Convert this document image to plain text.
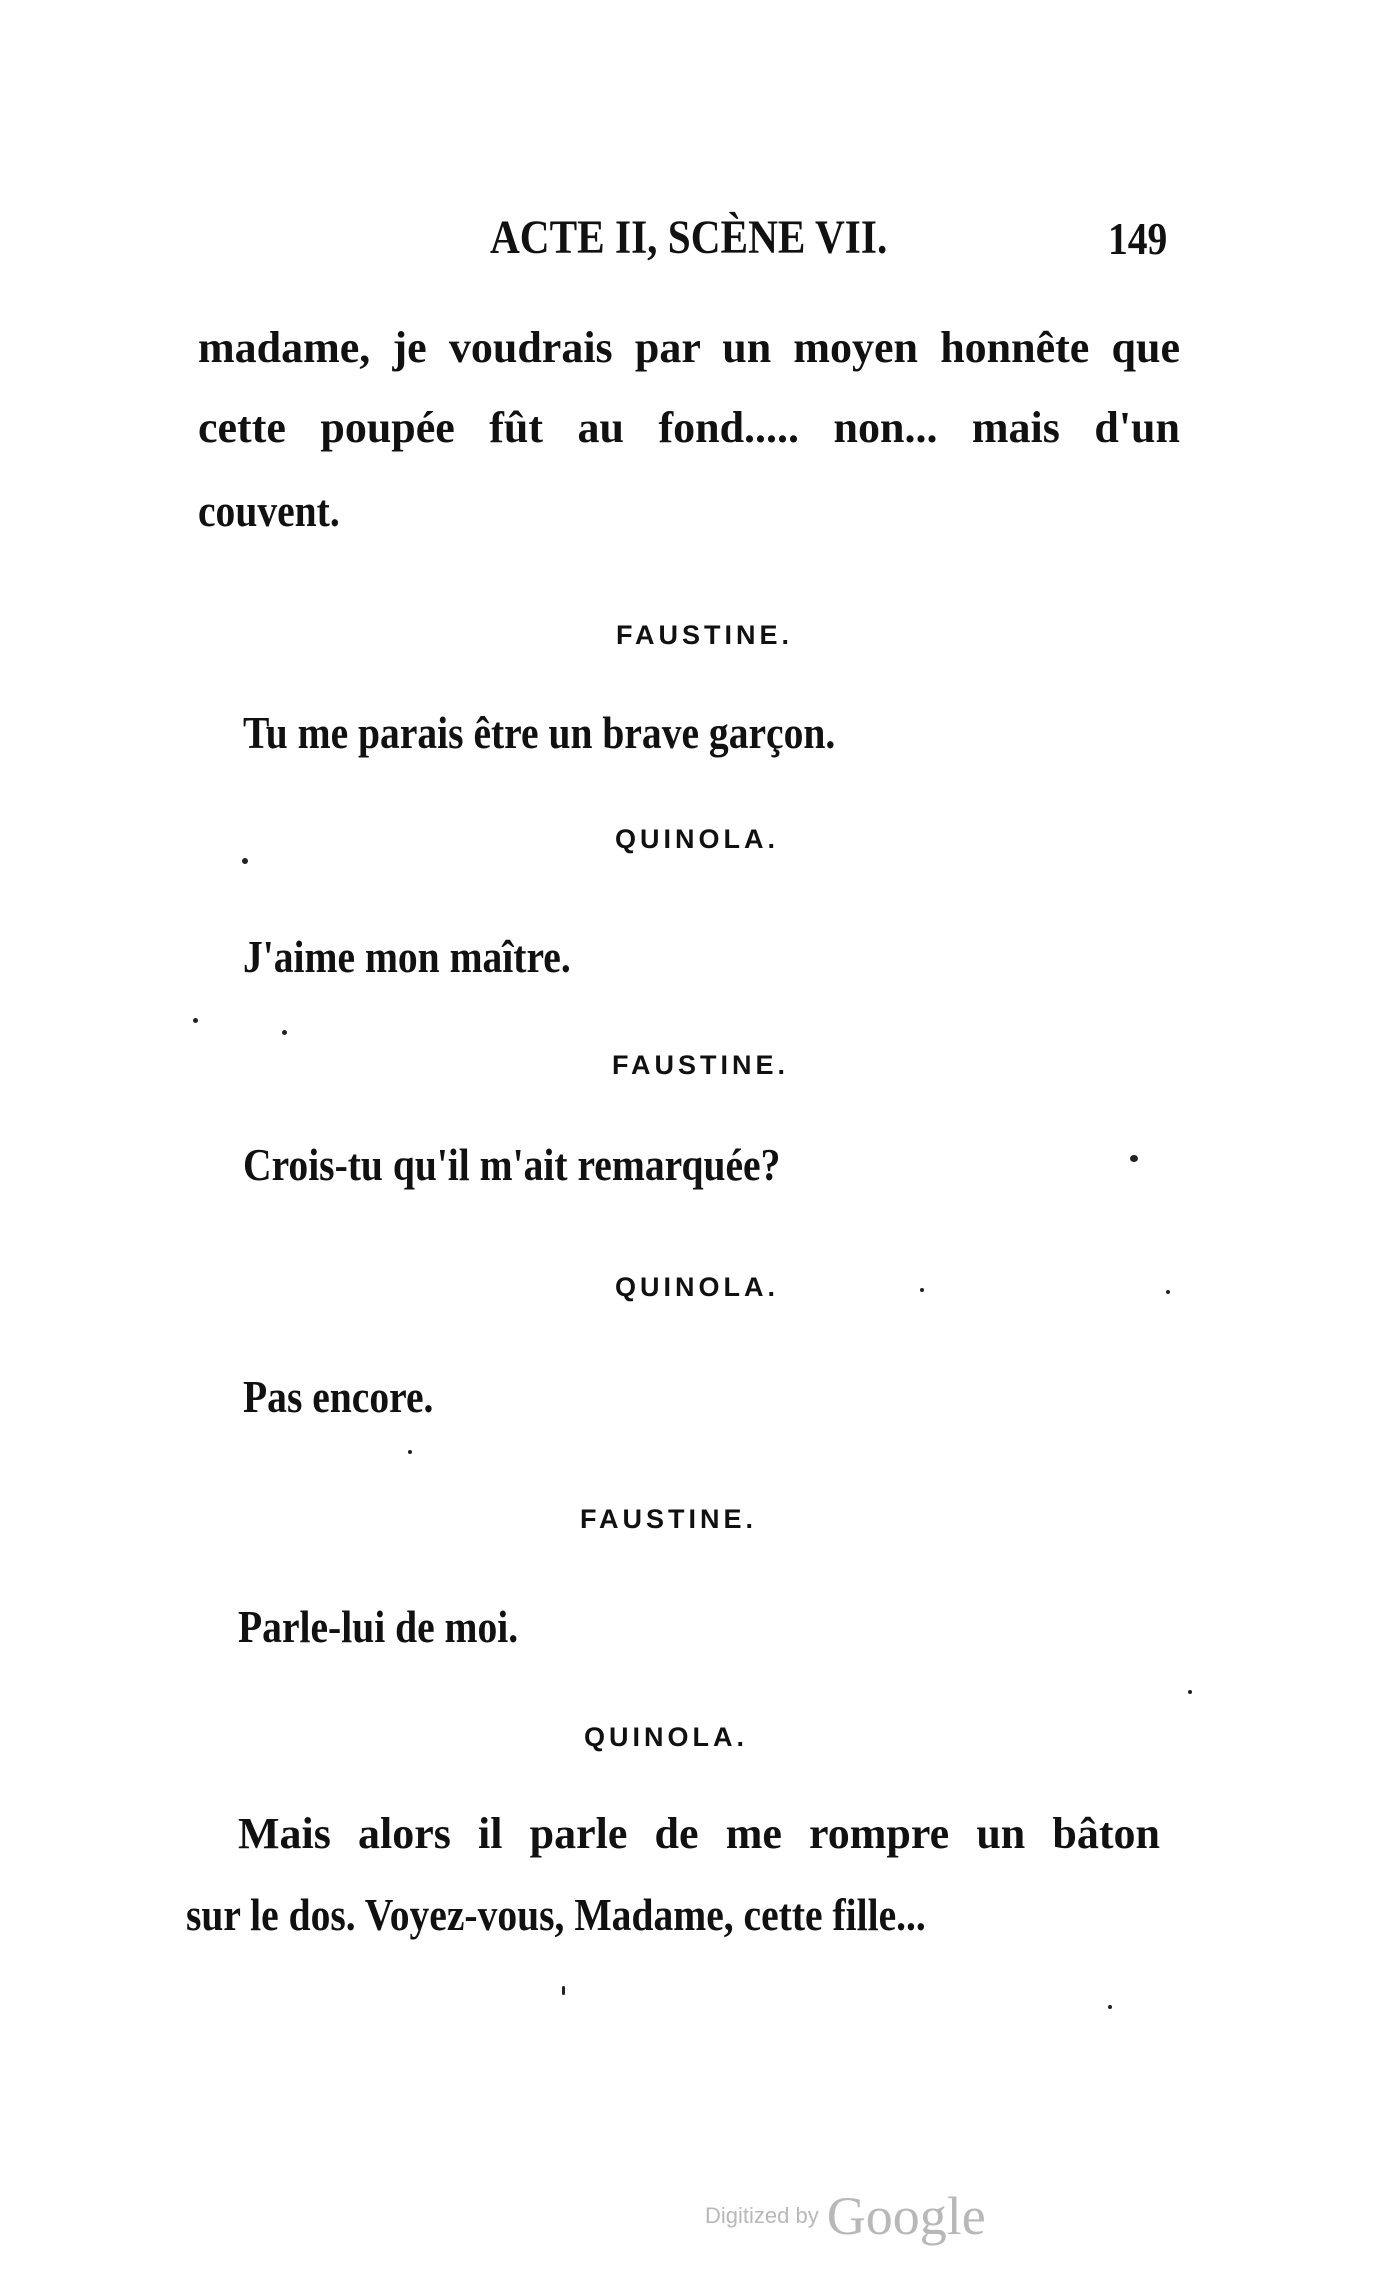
ACTE II, SCÈNE VII.	149
madame, je voudrais par un moyen honnête que
cette poupée fût au fond..... non... mais d'un
couvent.
FAUSTINE.
Tu me parais être un brave garçon.
QUINOLA.
J'aime mon maître.
FAUSTINE.
Crois-tu qu'il m'ait remarquée?
QUINOLA.
Pas encore.
FAUSTINE.
Parle-lui de moi.
QUINOLA.
Mais alors il parle de me rompre un bâton
sur le dos. Voyez-vous, Madame, cette fille...
Digitized by Google
